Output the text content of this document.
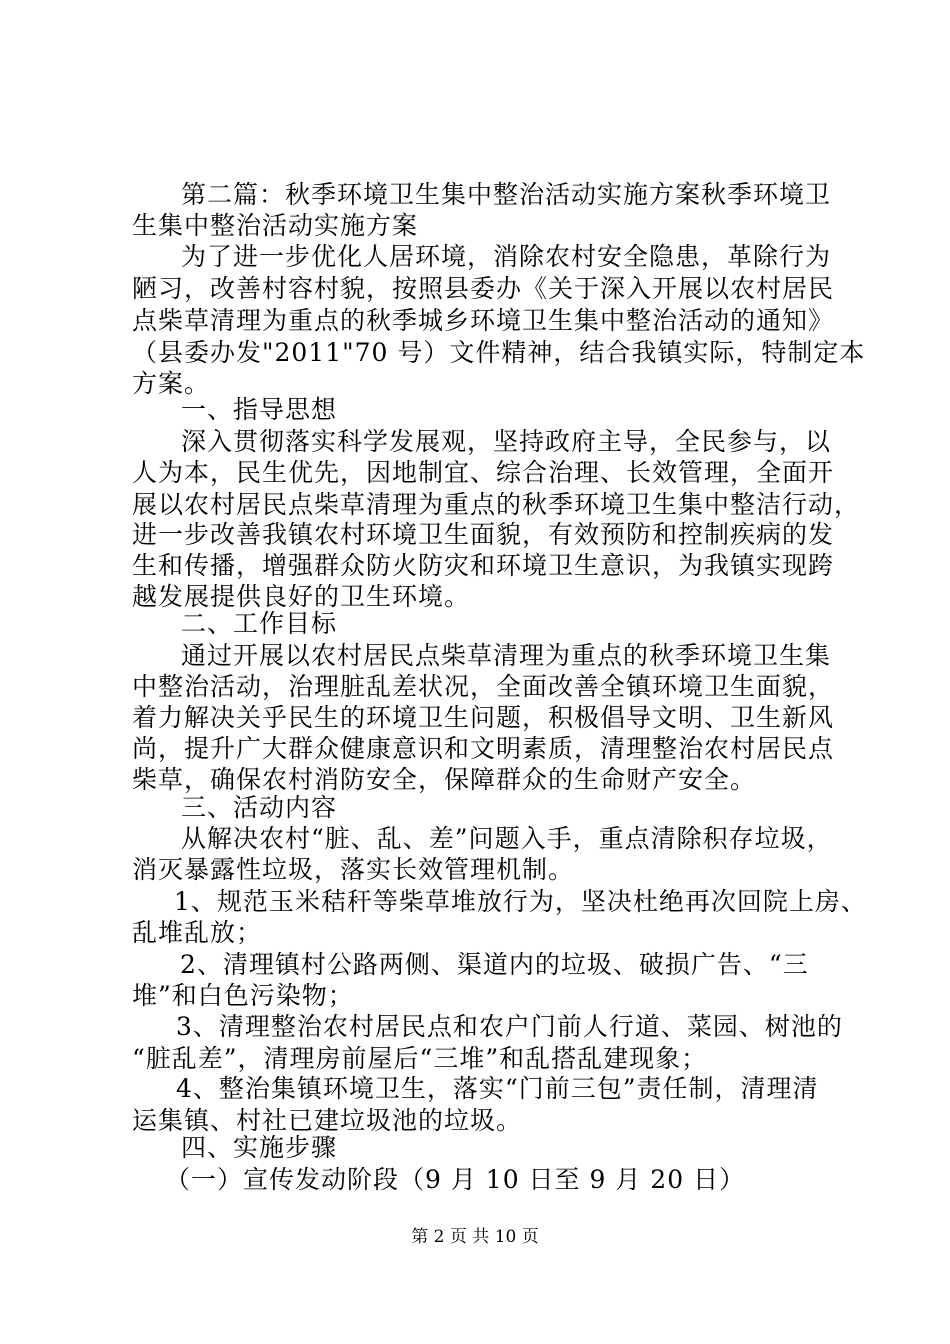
第二篇：秋季环境卫生集中整治活动实施方案秋季环境卫
生集中整治活动实施方案
为了进一步优化人居环境，消除农村安全隐患，革除行为
陋习，改善村容村貌，按照县委办《关于深入开展以农村居民
点柴草清理为重点的秋季城乡环境卫生集中整治活动的通知》
（县委办发"2011"70 号）文件精神，结合我镇实际，特制定本
方案。
一、指导思想
深入贯彻落实科学发展观，坚持政府主导，全民参与，以
人为本，民生优先，因地制宜、综合治理、长效管理，全面开
展以农村居民点柴草清理为重点的秋季环境卫生集中整洁行动，
进一步改善我镇农村环境卫生面貌，有效预防和控制疾病的发
生和传播，增强群众防火防灾和环境卫生意识，为我镇实现跨
越发展提供良好的卫生环境。
二、工作目标
通过开展以农村居民点柴草清理为重点的秋季环境卫生集
中整治活动，治理脏乱差状况，全面改善全镇环境卫生面貌，
着力解决关乎民生的环境卫生问题，积极倡导文明、卫生新风
尚，提升广大群众健康意识和文明素质，清理整治农村居民点
柴草，确保农村消防安全，保障群众的生命财产安全。
三、活动内容
从解决农村“脏、乱、差”问题入手，重点清除积存垃圾，
消灭暴露性垃圾，落实长效管理机制。
1、规范玉米秸秆等柴草堆放行为，坚决杜绝再次回院上房、
乱堆乱放；
2、清理镇村公路两侧、渠道内的垃圾、破损广告、“三
堆”和白色污染物；
3、清理整治农村居民点和农户门前人行道、菜园、树池的
“脏乱差”，清理房前屋后“三堆”和乱搭乱建现象；
4、整治集镇环境卫生，落实“门前三包”责任制，清理清
运集镇、村社已建垃圾池的垃圾。
四、实施步骤
（一）宣传发动阶段（9 月 10 日至 9 月 20 日）
第 2 页 共 10 页
